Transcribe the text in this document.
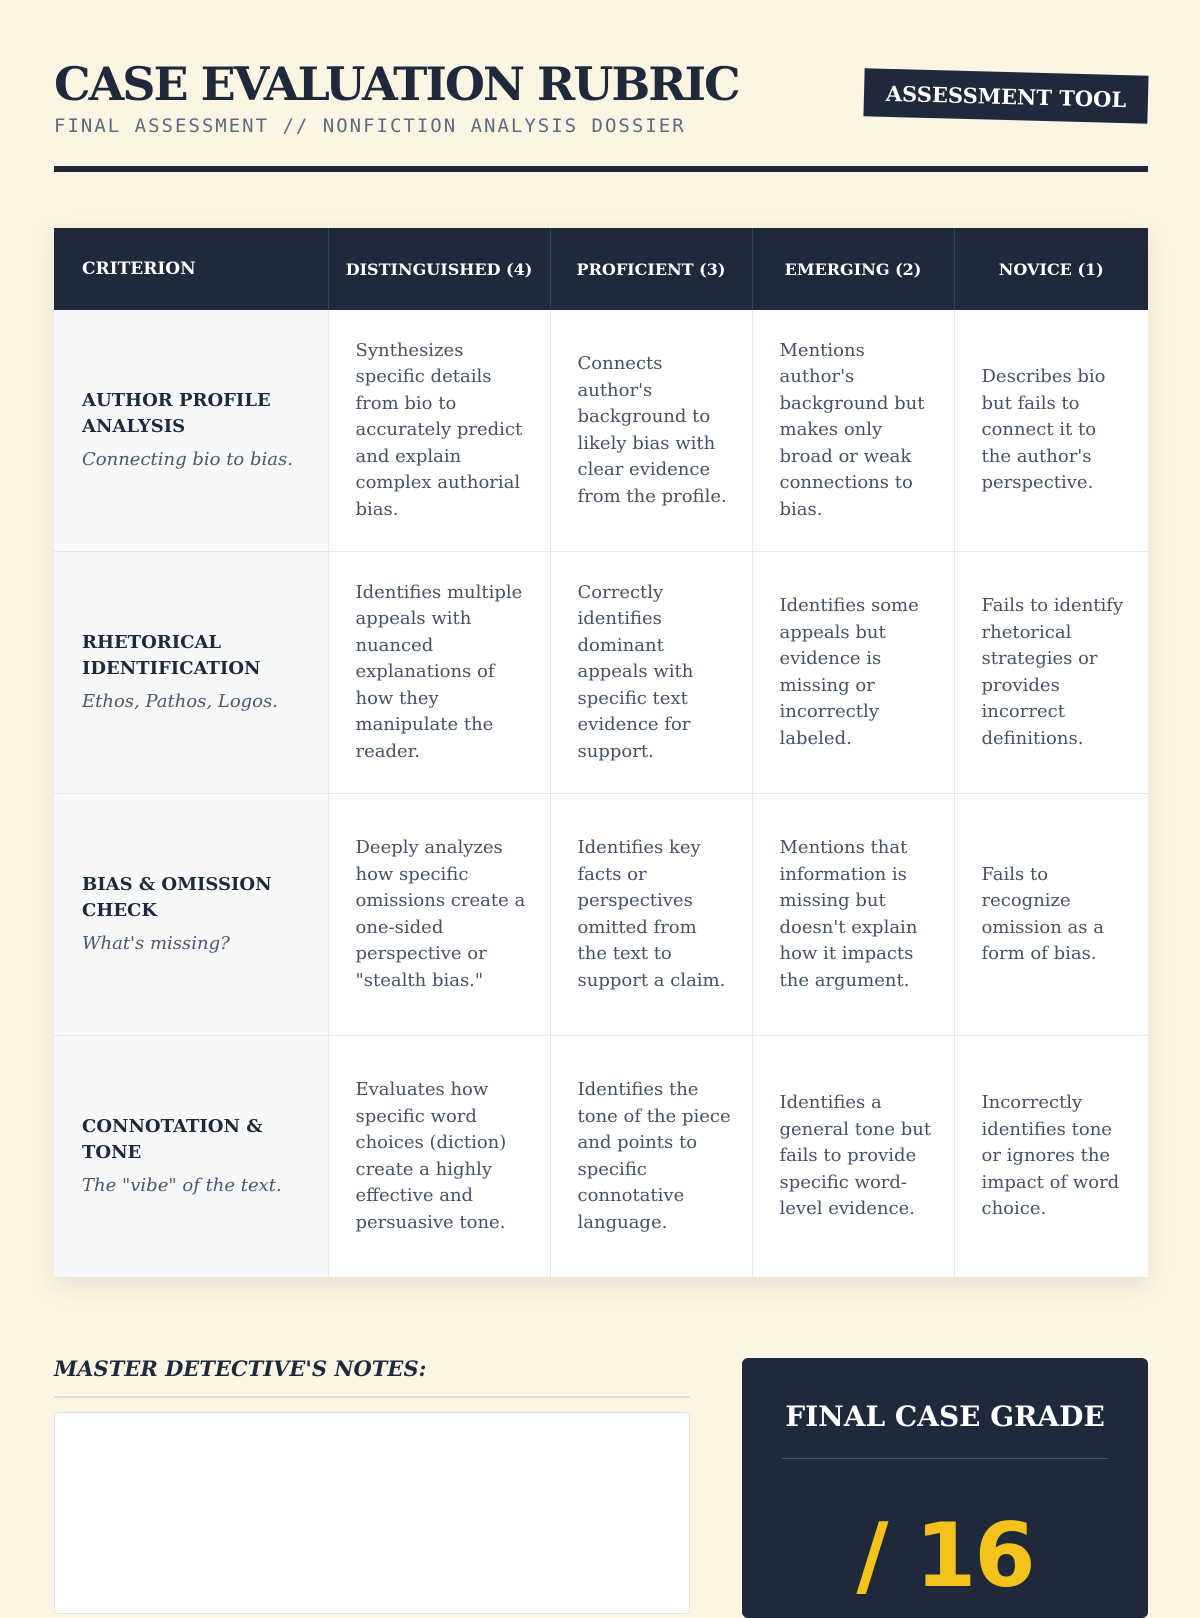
CASE EVALUATION RUBRIC
FINAL ASSESSMENT // NONFICTION ANALYSIS DOSSIER
ASSESSMENT TOOL
CRITERION	DISTINGUISHED (4)	PROFICIENT (3)	EMERGING (2)	NOVICE (1)

AUTHOR PROFILE ANALYSIS
Connecting bio to bias.	Synthesizes specific details from bio to accurately predict and explain complex authorial bias.	Connects author's background to likely bias with clear evidence from the profile.	Mentions author's background but makes only broad or weak connections to bias.	Describes bio but fails to connect it to the author's perspective.

RHETORICAL IDENTIFICATION
Ethos, Pathos, Logos.	Identifies multiple appeals with nuanced explanations of how they manipulate the reader.	Correctly identifies dominant appeals with specific text evidence for support.	Identifies some appeals but evidence is missing or incorrectly labeled.	Fails to identify rhetorical strategies or provides incorrect definitions.

BIAS & OMISSION CHECK
What's missing?	Deeply analyzes how specific omissions create a one-sided perspective or "stealth bias."	Identifies key facts or perspectives omitted from the text to support a claim.	Mentions that information is missing but doesn't explain how it impacts the argument.	Fails to recognize omission as a form of bias.

CONNOTATION & TONE
The "vibe" of the text.	Evaluates how specific word choices (diction) create a highly effective and persuasive tone.	Identifies the tone of the piece and points to specific connotative language.	Identifies a general tone but fails to provide specific word-level evidence.	Incorrectly identifies tone or ignores the impact of word choice.
MASTER DETECTIVE'S NOTES:
FINAL CASE GRADE
/ 16
